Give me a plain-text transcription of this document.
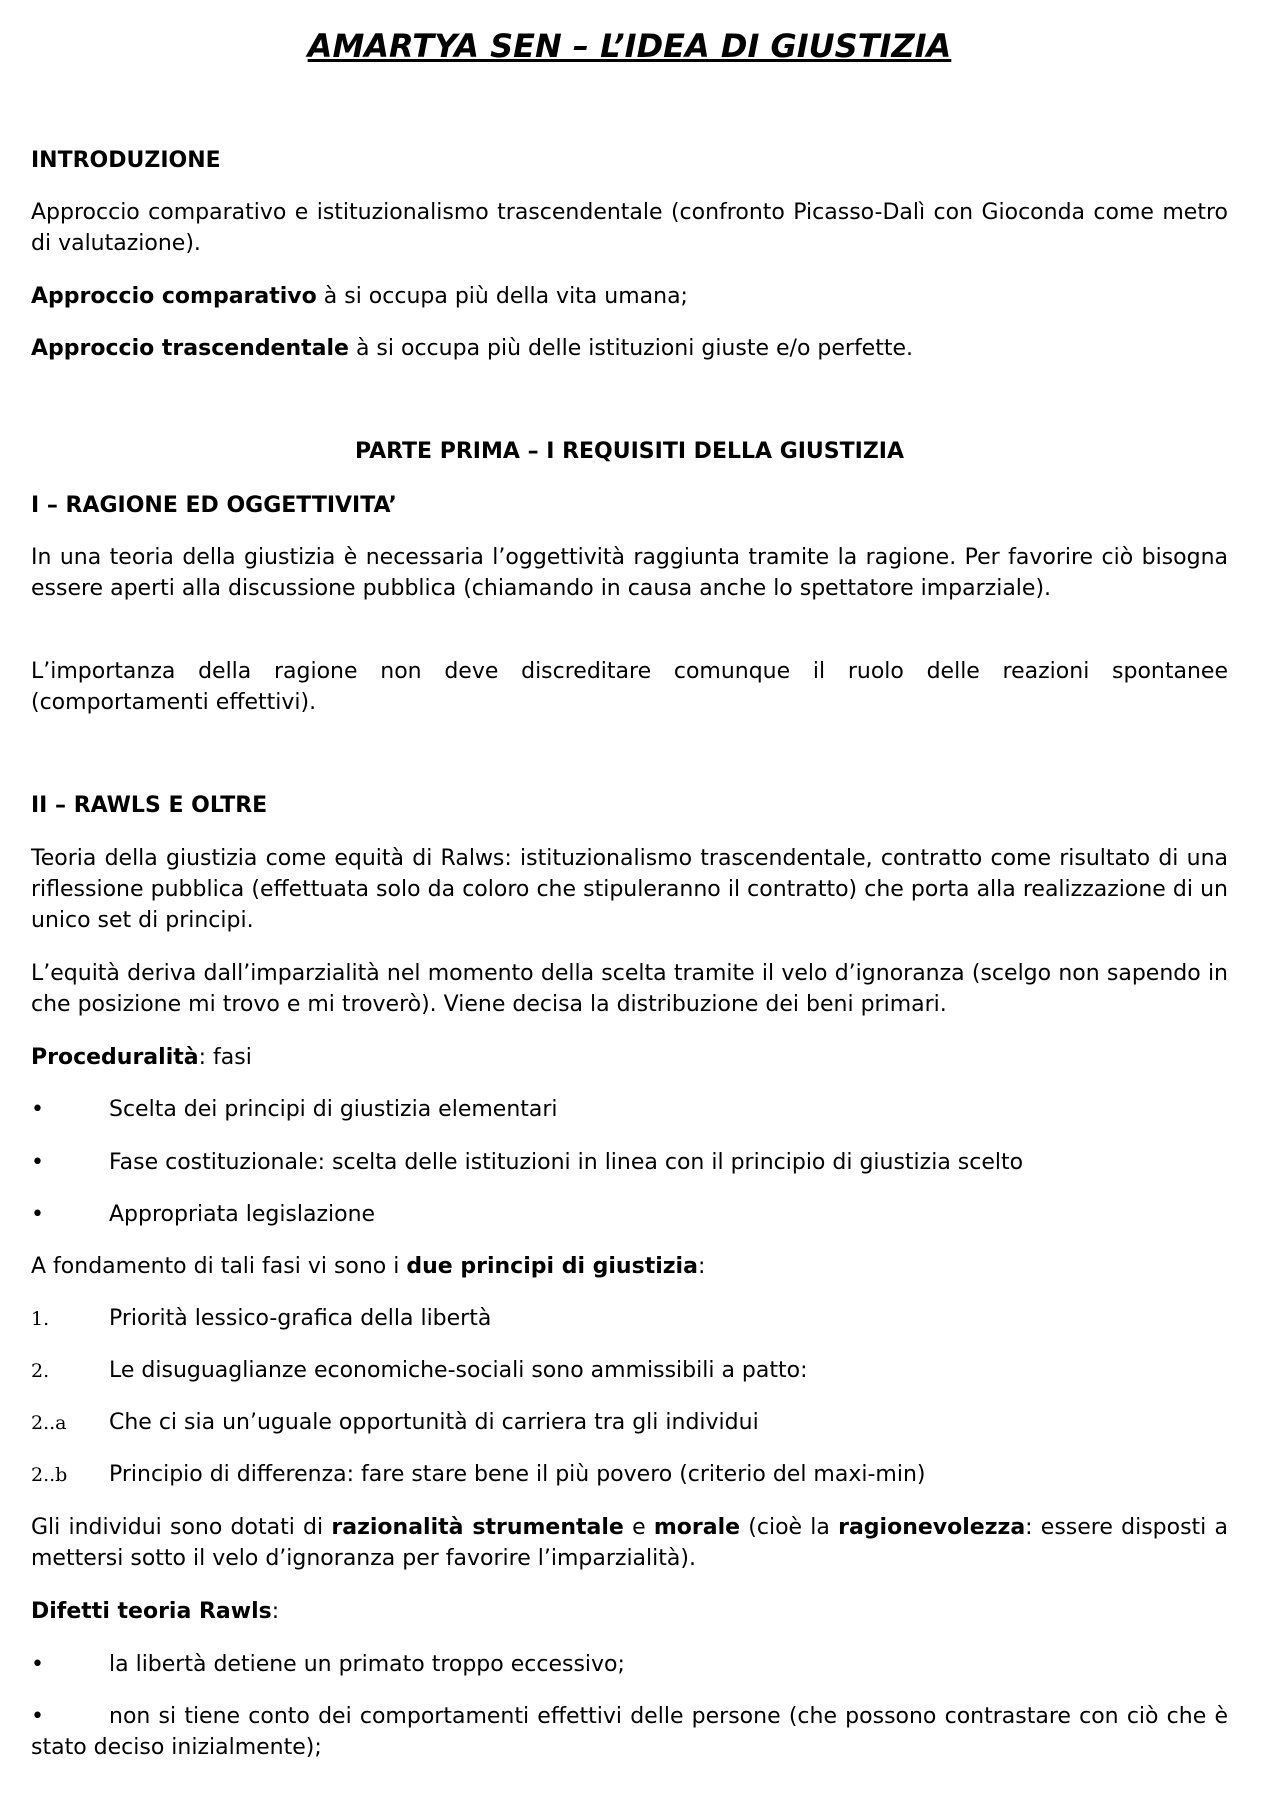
AMARTYA SEN – L’IDEA DI GIUSTIZIA

INTRODUZIONE

Approccio comparativo e istituzionalismo trascendentale (confronto Picasso-Dalì con Gioconda come metro di valutazione).

Approccio comparativo à si occupa più della vita umana;

Approccio trascendentale à si occupa più delle istituzioni giuste e/o perfette.

PARTE PRIMA – I REQUISITI DELLA GIUSTIZIA

I – RAGIONE ED OGGETTIVITA’

In una teoria della giustizia è necessaria l’oggettività raggiunta tramite la ragione. Per favorire ciò bisogna essere aperti alla discussione pubblica (chiamando in causa anche lo spettatore imparziale).

L’importanza della ragione non deve discreditare comunque il ruolo delle reazioni spontanee (comportamenti effettivi).

II – RAWLS E OLTRE

Teoria della giustizia come equità di Ralws: istituzionalismo trascendentale, contratto come risultato di una riflessione pubblica (effettuata solo da coloro che stipuleranno il contratto) che porta alla realizzazione di un unico set di principi.

L’equità deriva dall’imparzialità nel momento della scelta tramite il velo d’ignoranza (scelgo non sapendo in che posizione mi trovo e mi troverò). Viene decisa la distribuzione dei beni primari.

Proceduralità: fasi

•	Scelta dei principi di giustizia elementari

•	Fase costituzionale: scelta delle istituzioni in linea con il principio di giustizia scelto

•	Appropriata legislazione

A fondamento di tali fasi vi sono i due principi di giustizia:

1.	Priorità lessico-grafica della libertà

2.	Le disuguaglianze economiche-sociali sono ammissibili a patto:

2..a Che ci sia un’uguale opportunità di carriera tra gli individui

2..b Principio di differenza: fare stare bene il più povero (criterio del maxi-min)

Gli individui sono dotati di razionalità strumentale e morale (cioè la ragionevolezza: essere disposti a mettersi sotto il velo d’ignoranza per favorire l’imparzialità).

Difetti teoria Rawls:

•	la libertà detiene un primato troppo eccessivo;

•	non si tiene conto dei comportamenti effettivi delle persone (che possono contrastare con ciò che è stato deciso inizialmente);
